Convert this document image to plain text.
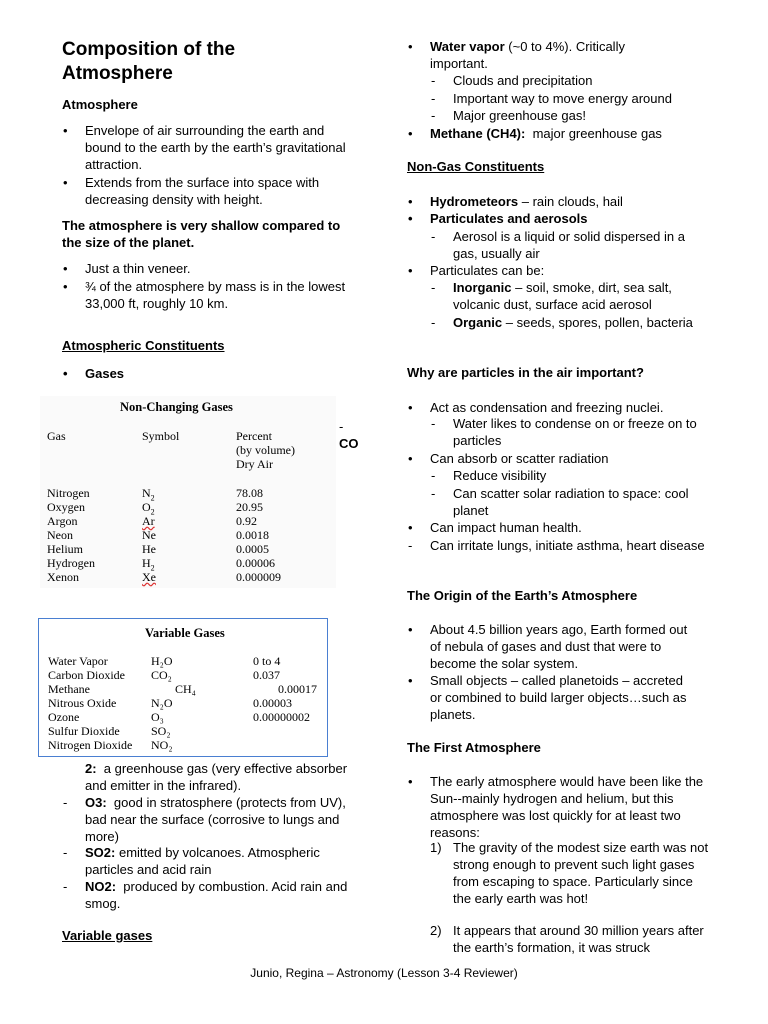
Composition of the Atmosphere
Atmosphere
• Envelope of air surrounding the earth and bound to the earth by the earth’s gravitational attraction.
• Extends from the surface into space with decreasing density with height.
The atmosphere is very shallow compared to the size of the planet.
• Just a thin veneer.
• ¾ of the atmosphere by mass is in the lowest 33,000 ft, roughly 10 km.
Atmospheric Constituents
• Gases
-
CO
Non-Changing Gases
Gas	Symbol	Percent
(by volume)
Dry Air
Nitrogen	$N_2$	78.08
Oxygen	$O_2$	20.95
Argon	Ar	0.92
Neon	Ne	0.0018
Helium	He	0.0005
Hydrogen	$H_2$	0.00006
Xenon	Xe	0.000009
Variable Gases
Water Vapor	H₂O	0 to 4
Carbon Dioxide	CO₂	0.037
Methane	CH₄	0.00017
Nitrous Oxide	N₂O	0.00003
Ozone	O₃	0.00000002
Sulfur Dioxide	SO₂
Nitrogen Dioxide	NO₂
2: a greenhouse gas (very effective absorber and emitter in the infrared).
- O3: good in stratosphere (protects from UV), bad near the surface (corrosive to lungs and more)
- SO2: emitted by volcanoes. Atmospheric particles and acid rain
- NO2: produced by combustion. Acid rain and smog.
Variable gases
• Water vapor (~0 to 4%). Critically important.
- Clouds and precipitation
- Important way to move energy around
- Major greenhouse gas!
• Methane (CH4): major greenhouse gas
Non-Gas Constituents
• Hydrometeors – rain clouds, hail
• Particulates and aerosols
- Aerosol is a liquid or solid dispersed in a gas, usually air
• Particulates can be:
- Inorganic – soil, smoke, dirt, sea salt, volcanic dust, surface acid aerosol
- Organic – seeds, spores, pollen, bacteria
Why are particles in the air important?
• Act as condensation and freezing nuclei.
- Water likes to condense on or freeze on to particles
• Can absorb or scatter radiation
- Reduce visibility
- Can scatter solar radiation to space: cool planet
• Can impact human health.
- Can irritate lungs, initiate asthma, heart disease
The Origin of the Earth’s Atmosphere
• About 4.5 billion years ago, Earth formed out of nebula of gases and dust that were to become the solar system.
• Small objects – called planetoids – accreted or combined to build larger objects…such as planets.
The First Atmosphere
• The early atmosphere would have been like the Sun--mainly hydrogen and helium, but this atmosphere was lost quickly for at least two reasons:
1) The gravity of the modest size earth was not strong enough to prevent such light gases from escaping to space. Particularly since the early earth was hot!
2) It appears that around 30 million years after the earth’s formation, it was struck
Junio, Regina – Astronomy (Lesson 3-4 Reviewer)
